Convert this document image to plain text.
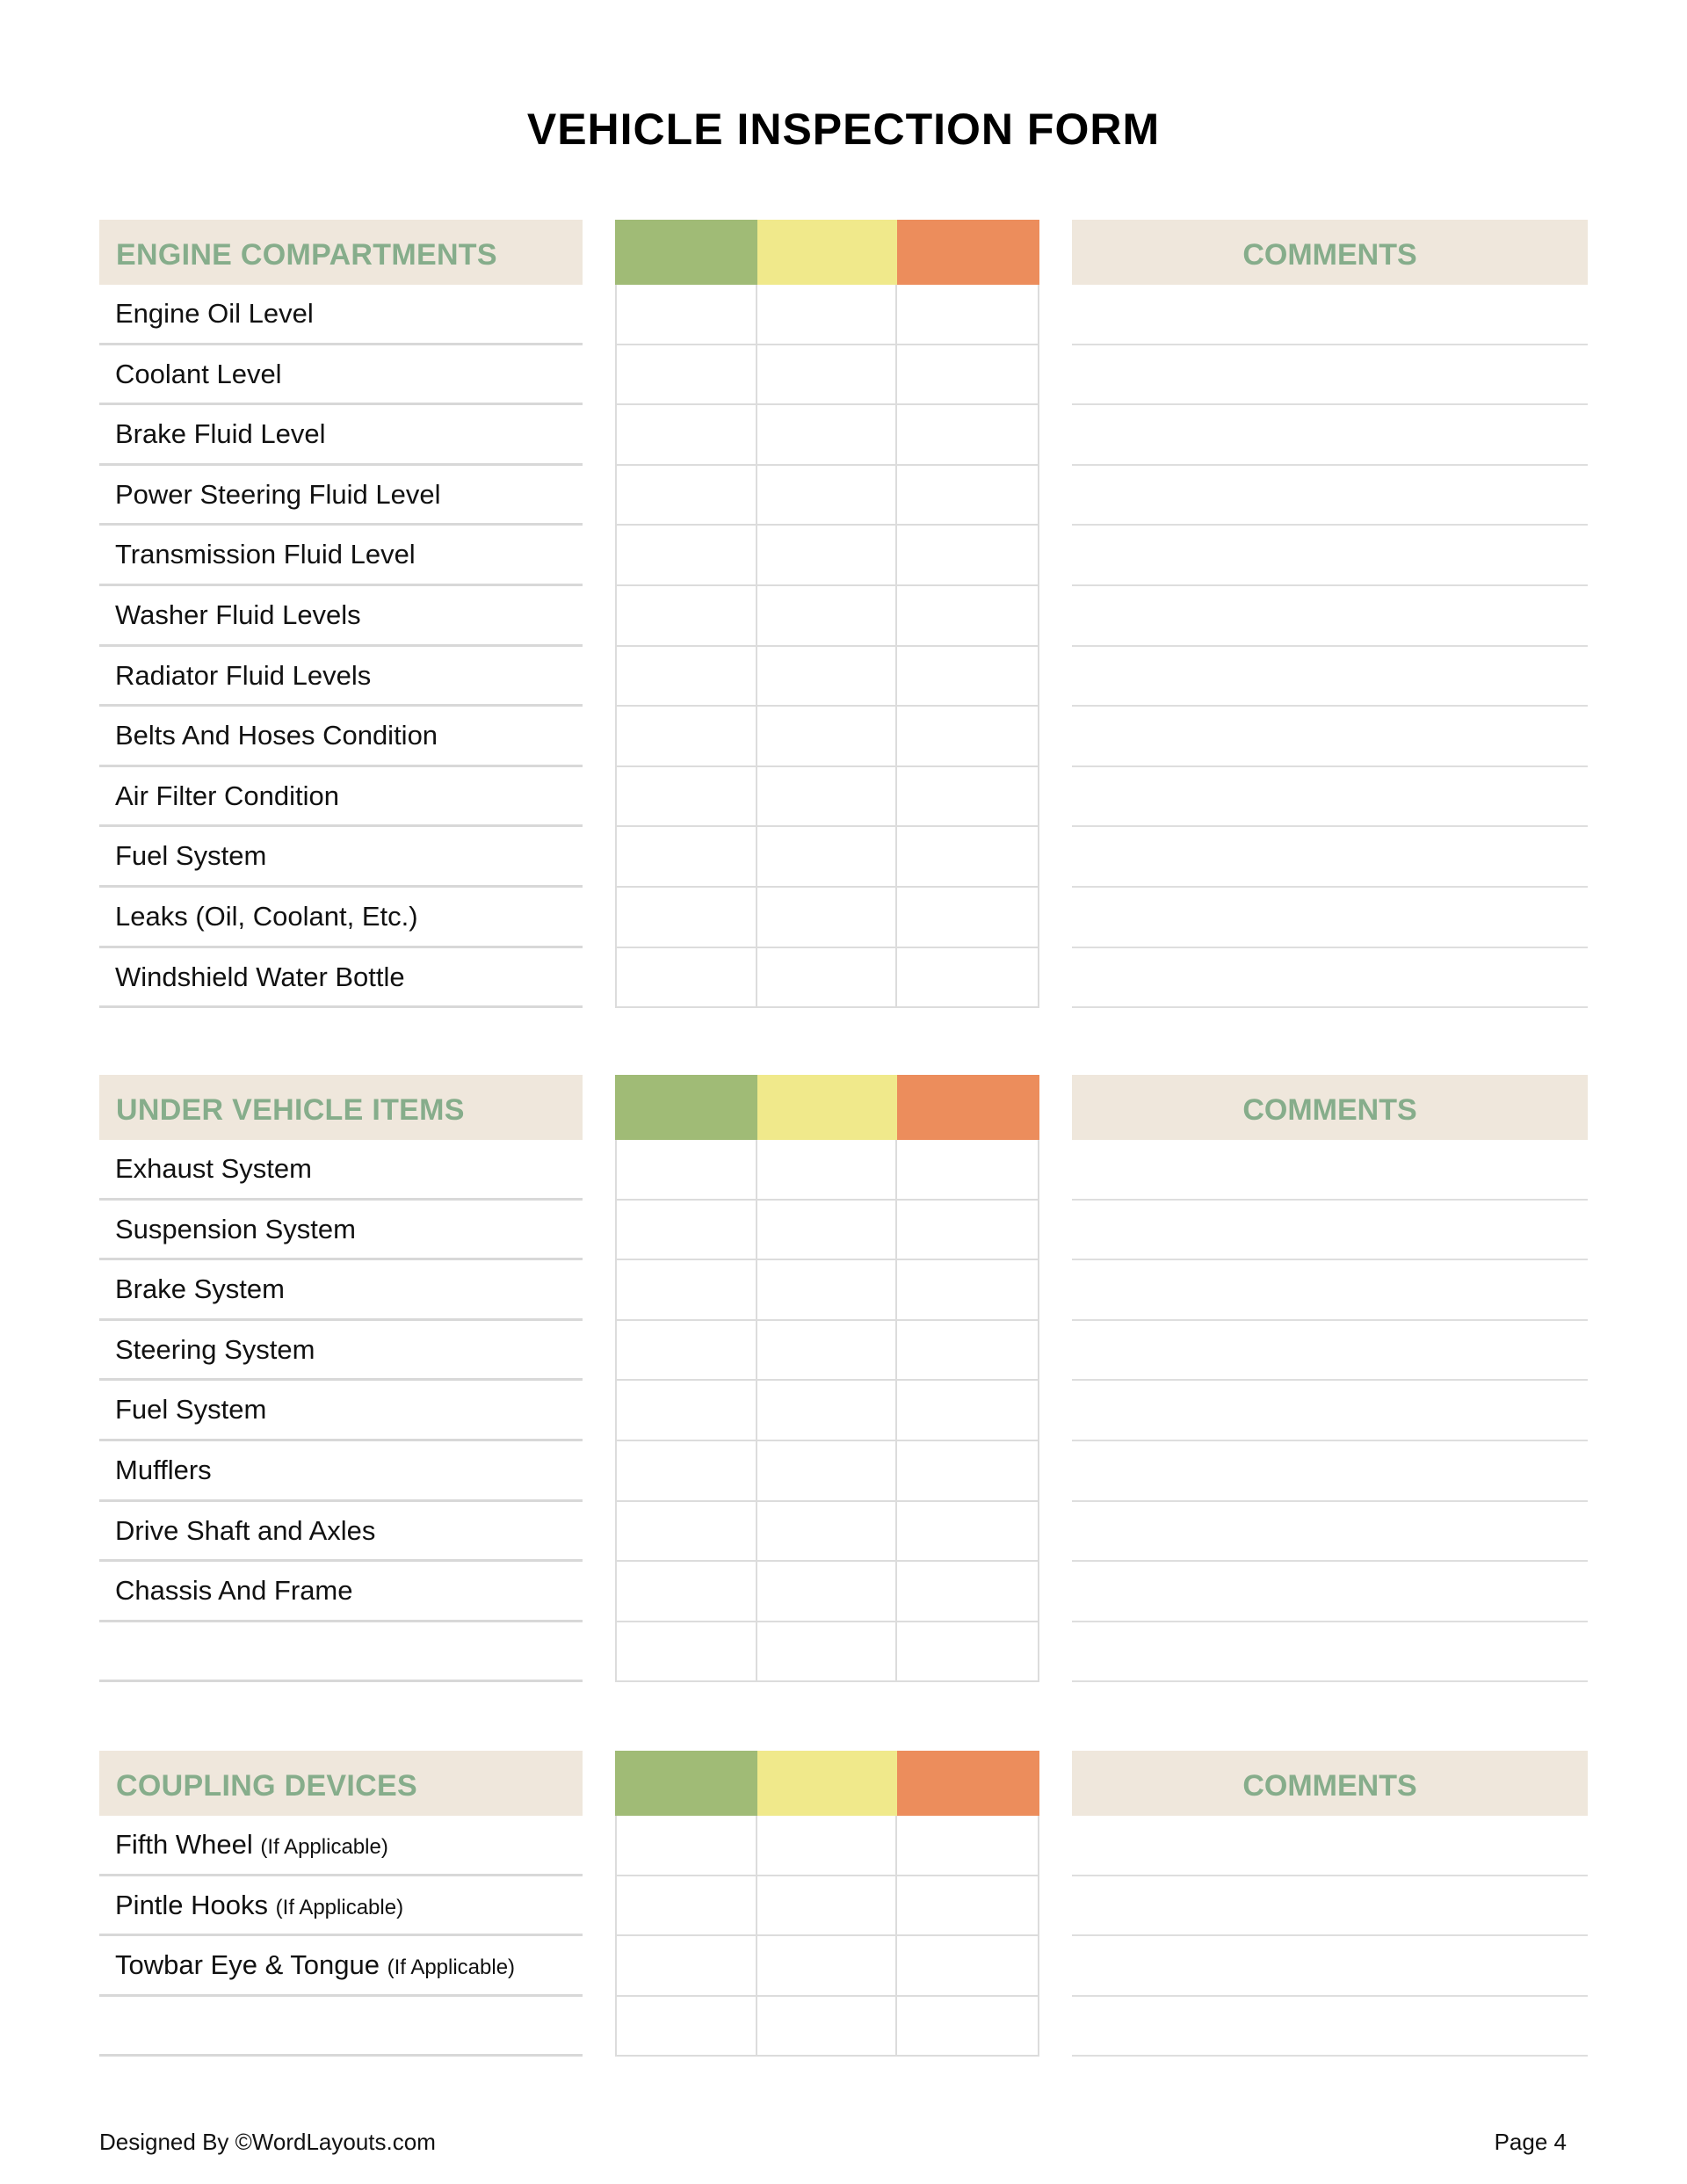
VEHICLE INSPECTION FORM
ENGINE COMPARTMENTS	COMMENTS
Engine Oil Level
Coolant Level
Brake Fluid Level
Power Steering Fluid Level
Transmission Fluid Level
Washer Fluid Levels
Radiator Fluid Levels
Belts And Hoses Condition
Air Filter Condition
Fuel System
Leaks (Oil, Coolant, Etc.)
Windshield Water Bottle
UNDER VEHICLE ITEMS	COMMENTS
Exhaust System
Suspension System
Brake System
Steering System
Fuel System
Mufflers
Drive Shaft and Axles
Chassis And Frame
COUPLING DEVICES	COMMENTS
Fifth Wheel (If Applicable)
Pintle Hooks (If Applicable)
Towbar Eye & Tongue (If Applicable)
Designed By ©WordLayouts.com	Page 4
